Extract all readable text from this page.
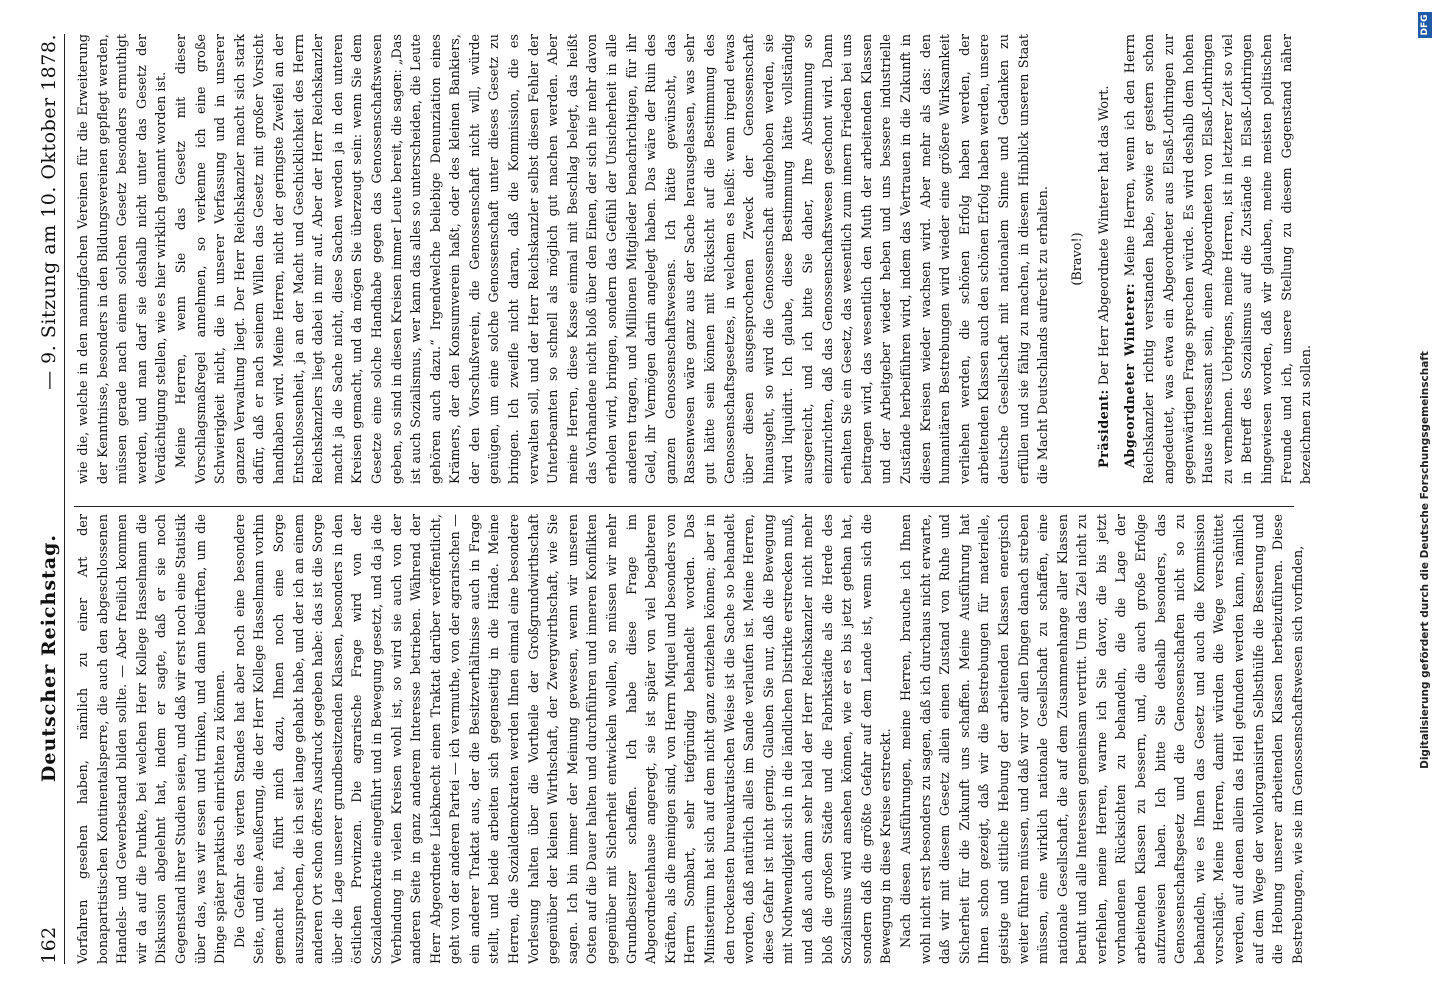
162
Deutscher Reichstag.
— 9. Sitzung am 10. Oktober 1878.

Vorfahren gesehen haben, nämlich zu einer Art der bonapartistischen Kontinentalsperre, die auch den abgeschlossenen Handels- und Gewerbestand bilden sollte. — Aber freilich kommen wir da auf die Punkte, bei welchen Herr Kollege Hasselmann die Diskussion abgelehnt hat, indem er sagte, daß er sie noch Gegenstand ihrer Studien seien, und daß wir erst noch eine Statistik über das, was wir essen und trinken, und dann bedürften, um die Dinge später praktisch einrichten zu können. Die Gefahr des vierten Standes hat aber noch eine besondere Seite, und eine Aeußerung, die der Herr Kollege Hasselmann vorhin gemacht hat, führt mich dazu, Ihnen noch eine Sorge auszusprechen, die ich seit lange gehabt habe, und der ich an einem anderen Ort schon öfters Ausdruck gegeben habe: das ist die Sorge über die Lage unserer grundbesitzenden Klassen, besonders in den östlichen Provinzen. Die agrarische Frage wird von der Sozialdemokratie eingeführt und in Bewegung gesetzt, und da ja die Verbindung in vielen Kreisen wohl ist, so wird sie auch von der anderen Seite in ganz anderem Interesse betrieben. Während der Herr Abgeordnete Liebknecht einen Traktat darüber veröffentlicht, geht von der anderen Partei — ich vermuthe, von der agrarischen — ein anderer Traktat aus, der die Besitzverhältnisse auch in Frage stellt, und beide arbeiten sich gegenseitig in die Hände. Meine Herren, die Sozialdemokraten werden Ihnen einmal eine besondere Vorlesung halten über die Vortheile der Großgrundwirthschaft gegenüber der kleinen Wirthschaft, der Zwergwirthschaft, wie Sie sagen. Ich bin immer der Meinung gewesen, wenn wir unseren Osten auf die Dauer halten und durchführen und inneren Konflikten gegenüber mit Sicherheit entwickeln wollen, so müssen wir mehr Grundbesitzer schaffen. Ich habe diese Frage im Abgeordnetenhause angeregt, sie ist später von viel begabteren Kräften, als die meinigen sind, von Herrn Miquel und besonders von Herrn Sombart, sehr tiefgründig behandelt worden. Das Ministerium hat sich auf dem nicht ganz entziehen können; aber in den trockensten bureaukratischen Weise ist die Sache so behandelt worden, daß natürlich alles im Sande verlaufen ist. Meine Herren, diese Gefahr ist nicht gering. Glauben Sie nur, daß die Bewegung mit Nothwendigkeit sich in die ländlichen Distrikte erstrecken muß, und daß auch dann sehr bald der Herr Reichskanzler nicht mehr bloß die großen Städte und die Fabrikstädte als die Herde des Sozialismus wird ansehen können, wie er es bis jetzt gethan hat, sondern daß die größte Gefahr auf dem Lande ist, wenn sich die Bewegung in diese Kreise erstreckt. Nach diesen Ausführungen, meine Herren, brauche ich Ihnen wohl nicht erst besonders zu sagen, daß ich durchaus nicht erwarte, daß wir mit diesem Gesetz allein einen Zustand von Ruhe und Sicherheit für die Zukunft uns schaffen. Meine Ausführung hat Ihnen schon gezeigt, daß wir die Bestrebungen für materielle, geistige und sittliche Hebung der arbeitenden Klassen energisch weiter führen müssen, und daß wir vor allen Dingen danach streben müssen, eine wirklich nationale Gesellschaft zu schaffen, eine nationale Gesellschaft, die auf dem Zusammenhange aller Klassen beruht und alle Interessen gemeinsam vertritt. Um das Ziel nicht zu verfehlen, meine Herren, warne ich Sie davor, die bis jetzt vorhandenen Rücksichten zu behandeln, die die Lage der arbeitenden Klassen zu bessern, und, die auch große Erfolge aufzuweisen haben. Ich bitte Sie deshalb besonders, das Genossenschaftsgesetz und die Genossenschaften nicht so zu behandeln, wie es Ihnen das Gesetz und auch die Kommission vorschlägt. Meine Herren, damit würden die Wege verschüttet werden, auf denen allein das Heil gefunden werden kann, nämlich auf dem Wege der wohlorganisirten Selbsthülfe die Besserung und die Hebung unserer arbeitenden Klassen herbeizuführen. Diese Bestrebungen, wie sie im Genossenschaftswesen sich vorfinden,

wie die, welche in den mannigfachen Vereinen für die Erweiterung der Kenntnisse, besonders in den Bildungsvereinen gepflegt werden, müssen gerade nach einem solchen Gesetz besonders ermuthigt werden, und man darf sie deshalb nicht unter das Gesetz der Verdächtigung stellen, wie es hier wirklich genannt worden ist. Meine Herren, wenn Sie das Gesetz mit dieser Vorschlagsmaßregel annehmen, so verkenne ich eine große Schwierigkeit nicht, die in unserer Verfassung und in unserer ganzen Verwaltung liegt. Der Herr Reichskanzler macht sich stark dafür, daß er nach seinem Willen das Gesetz mit großer Vorsicht handhaben wird. Meine Herren, nicht der geringste Zweifel an der Entschlossenheit, ja an der Macht und Geschicklichkeit des Herrn Reichskanzlers liegt dabei in mir auf. Aber der Herr Reichskanzler macht ja die Sache nicht, diese Sachen werden ja in den unteren Kreisen gemacht, und da mögen Sie überzeugt sein: wenn Sie dem Gesetze eine solche Handhabe gegen das Genossenschaftswesen geben, so sind in diesen Kreisen immer Leute bereit, die sagen: „Das ist auch Sozialismus, wer kann das alles so unterscheiden, die Leute gehören auch dazu.“ Irgendwelche beliebige Denunziation eines Krämers, der den Konsumverein haßt, oder des kleinen Bankiers, der den Vorschußverein, die Genossenschaft nicht will, würde genügen, um eine solche Genossenschaft unter dieses Gesetz zu bringen. Ich zweifle nicht daran, daß die Kommission, die es verwalten soll, und der Herr Reichskanzler selbst diesen Fehler der Unterbeamten so schnell als möglich gut machen werden. Aber meine Herren, diese Kasse einmal mit Beschlag belegt, das heißt das Vorhandene nicht bloß über den Einen, der sich nie mehr davon erholen wird, bringen, sondern das Gefühl der Unsicherheit in alle anderen tragen, und Millionen Mitglieder benachrichtigen, für ihr Geld, ihr Vermögen darin angelegt haben. Das wäre der Ruin des ganzen Genossenschaftswesens. Ich hätte gewünscht, das Rassenwesen wäre ganz aus der Sache herausgelassen, was sehr gut hätte sein können mit Rücksicht auf die Bestimmung des Genossenschaftsgesetzes, in welchem es heißt: wenn irgend etwas über diesen ausgesprochenen Zweck der Genossenschaft hinausgeht, so wird die Genossenschaft aufgehoben werden, sie wird liquidirt. Ich glaube, diese Bestimmung hätte vollständig ausgereicht, und ich bitte Sie daher, Ihre Abstimmung so einzurichten, daß das Genossenschaftswesen geschont wird. Dann erhalten Sie ein Gesetz, das wesentlich zum innern Frieden bei uns beitragen wird, das wesentlich den Muth der arbeitenden Klassen und der Arbeitgeber wieder heben und uns bessere industrielle Zustände herbeiführen wird, indem das Vertrauen in die Zukunft in diesen Kreisen wieder wachsen wird. Aber mehr als das: den humanitären Bestrebungen wird wieder eine größere Wirksamkeit verliehen werden, die schönen Erfolg haben werden, der arbeitenden Klassen auch den schönen Erfolg haben werden, unsere deutsche Gesellschaft mit nationalem Sinne und Gedanken zu erfüllen und sie fähig zu machen, in diesem Hinblick unseren Staat die Macht Deutschlands aufrecht zu erhalten. (Bravo!)

Präsident: Der Herr Abgeordnete Winterer hat das Wort. Abgeordneter Winterer: Meine Herren, wenn ich den Herrn Reichskanzler richtig verstanden habe, sowie er gestern schon angedeutet, was etwa ein Abgeordneter aus Elsaß-Lothringen zur gegenwärtigen Frage sprechen würde. Es wird deshalb dem hohen Hause interessant sein, einen Abgeordneten von Elsaß-Lothringen zu vernehmen. Uebrigens, meine Herren, ist in letzterer Zeit so viel in Betreff des Sozialismus auf die Zustände in Elsaß-Lothringen hingewiesen worden, daß wir glauben, meine meisten politischen Freunde und ich, unsere Stellung zu diesem Gegenstand näher bezeichnen zu sollen.

DFG
Digitalisierung gefördert durch die Deutsche Forschungsgemeinschaft
